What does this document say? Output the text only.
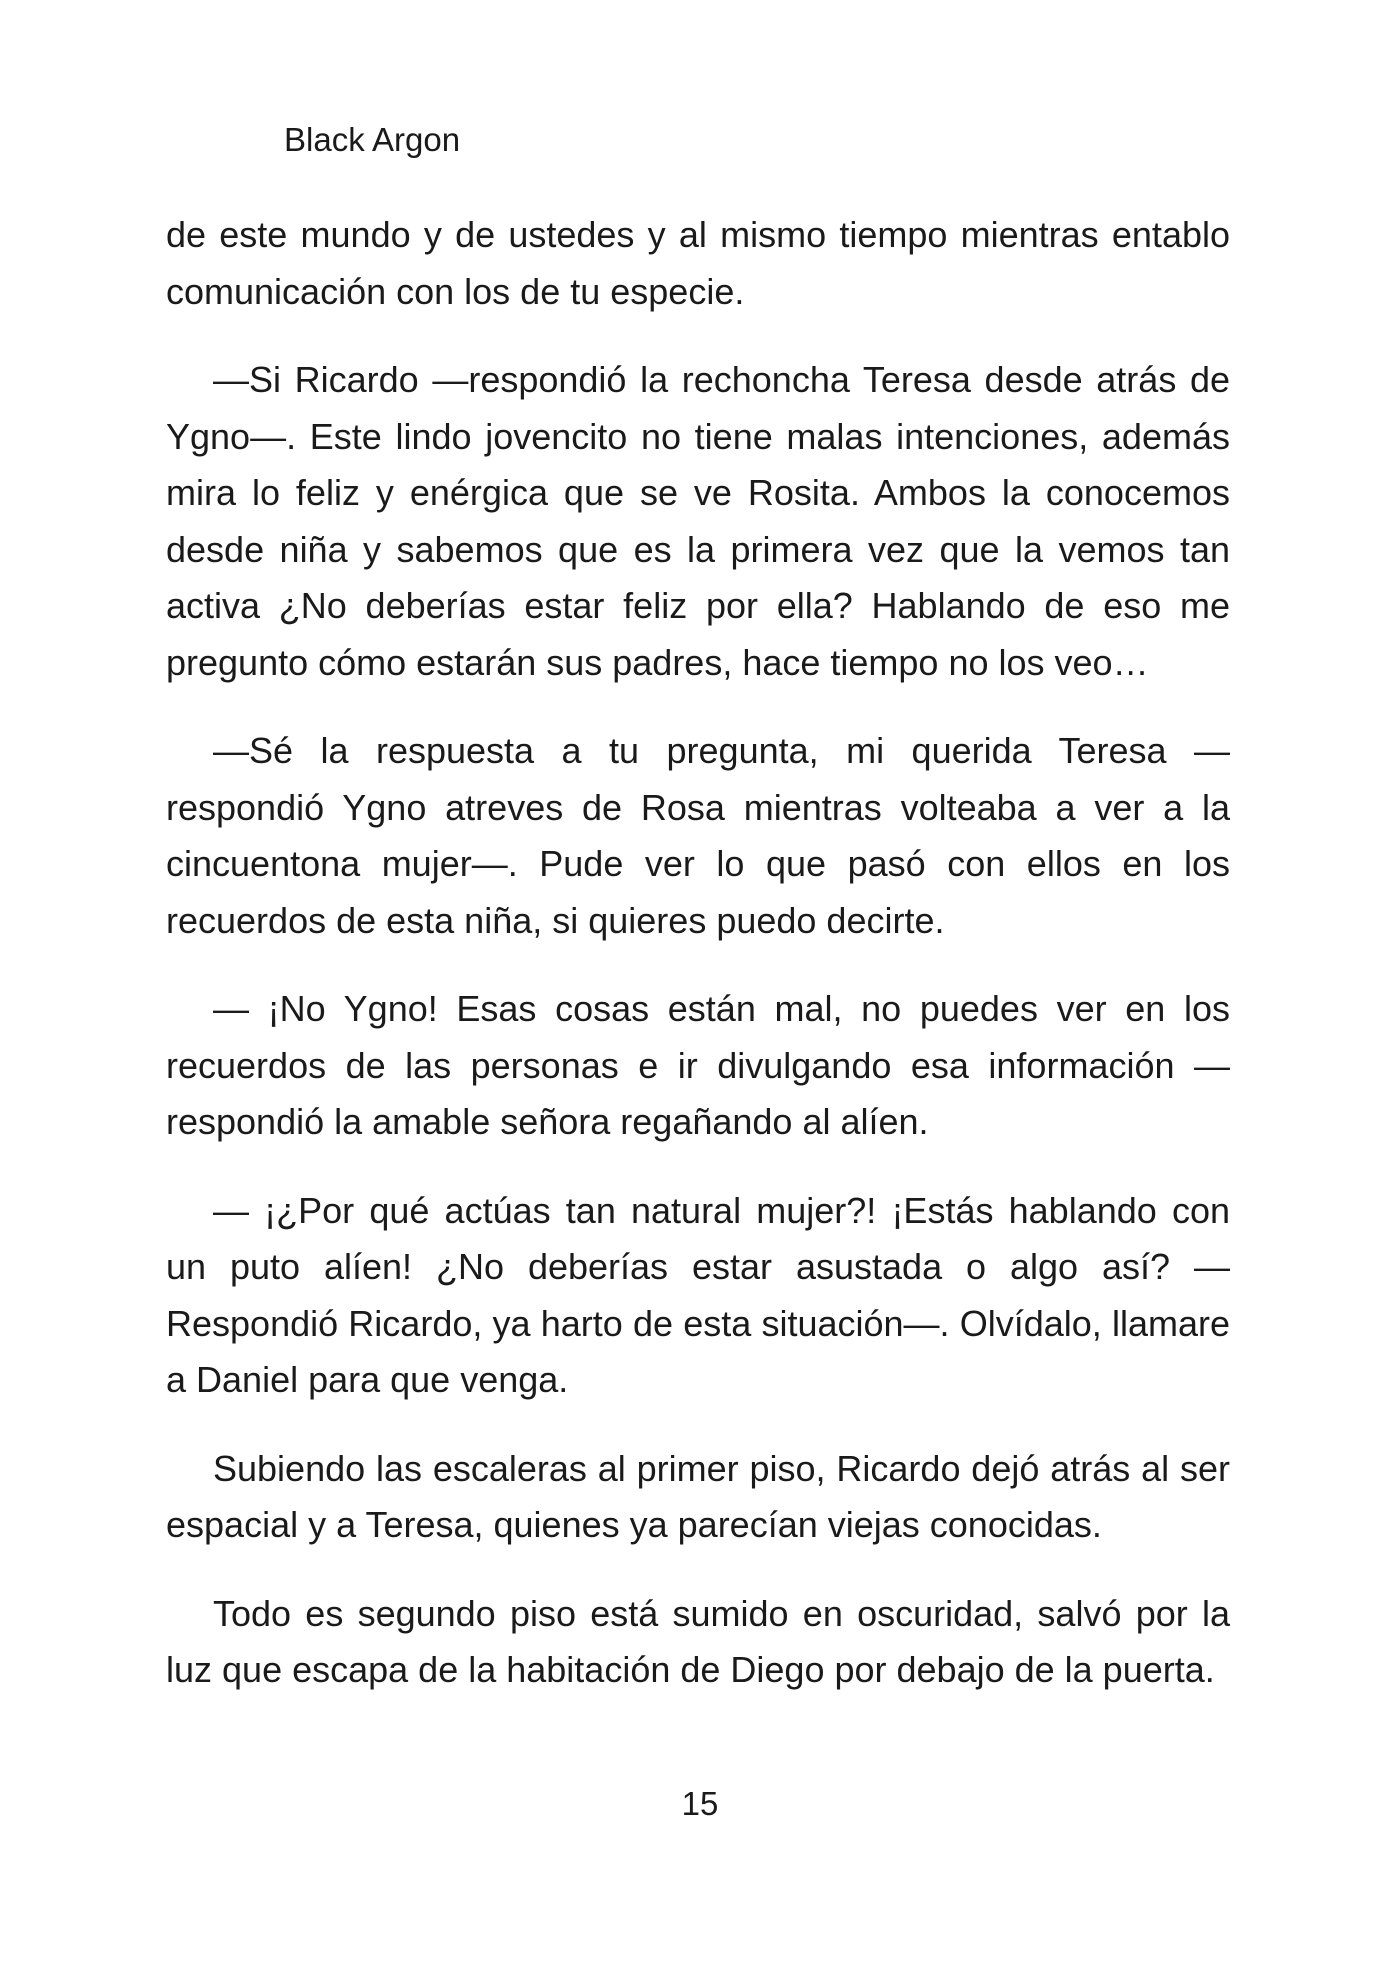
Black Argon

de este mundo y de ustedes y al mismo tiempo mientras entablo comunicación con los de tu especie.

—Si Ricardo —respondió la rechoncha Teresa desde atrás de Ygno—. Este lindo jovencito no tiene malas intenciones, además mira lo feliz y enérgica que se ve Rosita. Ambos la conocemos desde niña y sabemos que es la primera vez que la vemos tan activa ¿No deberías estar feliz por ella? Hablando de eso me pregunto cómo estarán sus padres, hace tiempo no los veo…

—Sé la respuesta a tu pregunta, mi querida Teresa —respondió Ygno atreves de Rosa mientras volteaba a ver a la cincuentona mujer—. Pude ver lo que pasó con ellos en los recuerdos de esta niña, si quieres puedo decirte.

— ¡No Ygno! Esas cosas están mal, no puedes ver en los recuerdos de las personas e ir divulgando esa información —respondió la amable señora regañando al alíen.

— ¡¿Por qué actúas tan natural mujer?! ¡Estás hablando con un puto alíen! ¿No deberías estar asustada o algo así? —Respondió Ricardo, ya harto de esta situación—. Olvídalo, llamare a Daniel para que venga.

Subiendo las escaleras al primer piso, Ricardo dejó atrás al ser espacial y a Teresa, quienes ya parecían viejas conocidas.

Todo es segundo piso está sumido en oscuridad, salvó por la luz que escapa de la habitación de Diego por debajo de la puerta.

15
